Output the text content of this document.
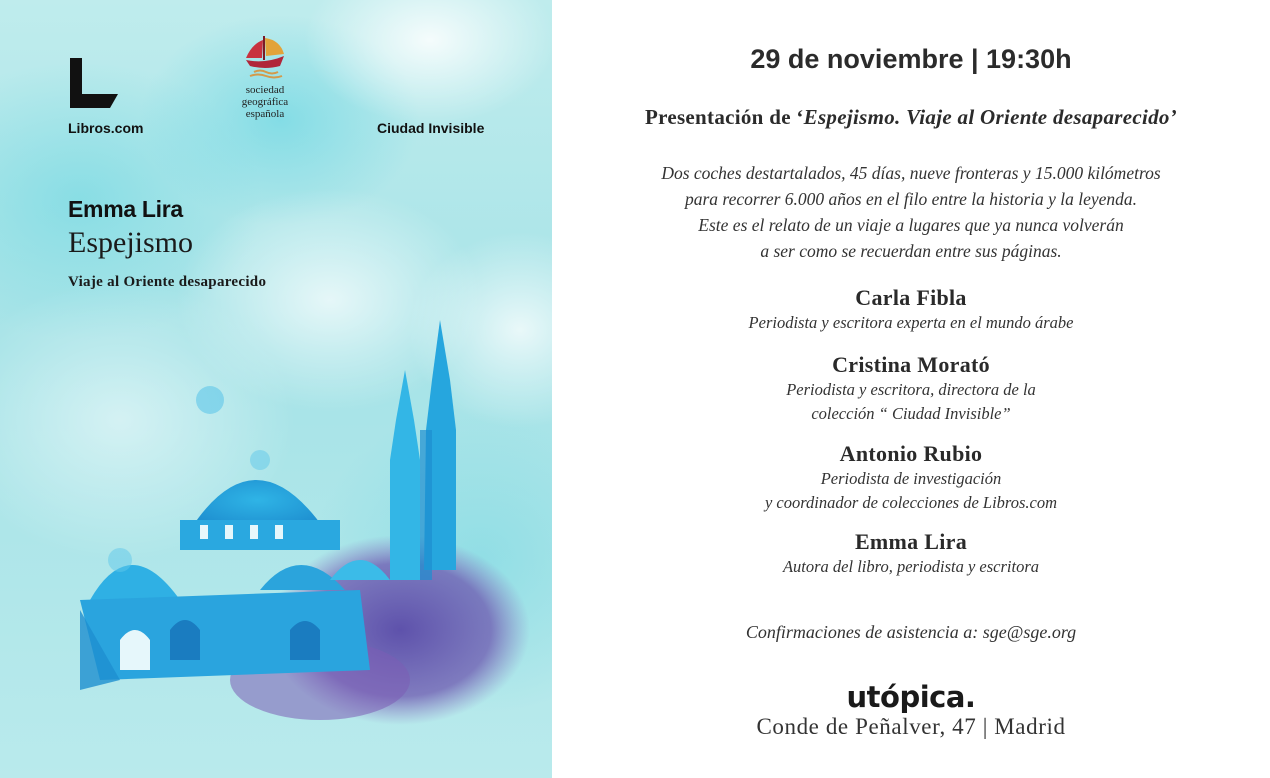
Libros.com
sociedad
geográfica
española
Ciudad Invisible
Emma Lira
Espejismo
Viaje al Oriente desaparecido
29 de noviembre | 19:30h
Presentación de ‘Espejismo. Viaje al Oriente desaparecido’
Dos coches destartalados, 45 días, nueve fronteras y 15.000 kilómetros
para recorrer 6.000 años en el filo entre la historia y la leyenda.
Este es el relato de un viaje a lugares que ya nunca volverán
a ser como se recuerdan entre sus páginas.
Carla Fibla
Periodista y escritora experta en el mundo árabe
Cristina Morató
Periodista y escritora, directora de la
colección “ Ciudad Invisible”
Antonio Rubio
Periodista de investigación
y coordinador de colecciones de Libros.com
Emma Lira
Autora del libro, periodista y escritora
Confirmaciones de asistencia a: sge@sge.org
utópica.
Conde de Peñalver, 47 | Madrid
